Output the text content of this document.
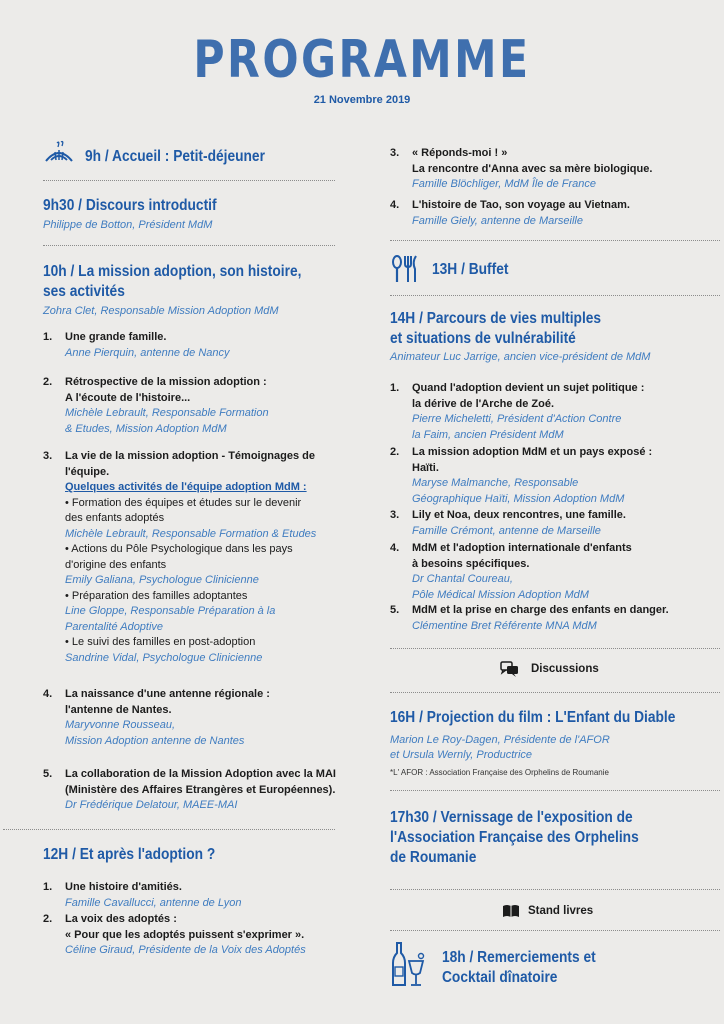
PROGRAMME
21 Novembre 2019
9h / Accueil : Petit-déjeuner
9h30 / Discours introductif
Philippe de Botton, Président MdM
10h / La mission adoption, son histoire,
ses activités
Zohra Clet, Responsable Mission Adoption MdM
1. Une grande famille.
Anne Pierquin, antenne de Nancy
2. Rétrospective de la mission adoption :
A l'écoute de l'histoire...
Michèle Lebrault, Responsable Formation
& Etudes, Mission Adoption MdM
3. La vie de la mission adoption - Témoignages de
l'équipe.
Quelques activités de l'équipe adoption MdM :
• Formation des équipes et études sur le devenir
des enfants adoptés
Michèle Lebrault, Responsable Formation & Etudes
• Actions du Pôle Psychologique dans les pays
d'origine des enfants
Emily Galiana, Psychologue Clinicienne
• Préparation des familles adoptantes
Line Gloppe, Responsable Préparation à la
Parentalité Adoptive
• Le suivi des familles en post-adoption
Sandrine Vidal, Psychologue Clinicienne
4. La naissance d'une antenne régionale :
l'antenne de Nantes.
Maryvonne Rousseau,
Mission Adoption antenne de Nantes
5. La collaboration de la Mission Adoption avec la MAI
(Ministère des Affaires Etrangères et Européennes).
Dr Frédérique Delatour, MAEE-MAI
12H / Et après l'adoption ?
1. Une histoire d'amitiés.
Famille Cavallucci, antenne de Lyon
2. La voix des adoptés :
« Pour que les adoptés puissent s'exprimer ».
Céline Giraud, Présidente de la Voix des Adoptés
3. « Réponds-moi ! »
La rencontre d'Anna avec sa mère biologique.
Famille Blöchliger, MdM Île de France
4. L'histoire de Tao, son voyage au Vietnam.
Famille Giely, antenne de Marseille
13H / Buffet
14H / Parcours de vies multiples
et situations de vulnérabilité
Animateur Luc Jarrige, ancien vice-président de MdM
1. Quand l'adoption devient un sujet politique :
la dérive de l'Arche de Zoé.
Pierre Micheletti, Président d'Action Contre
la Faim, ancien Président MdM
2. La mission adoption MdM et un pays exposé :
Haïti.
Maryse Malmanche, Responsable
Géographique Haïti, Mission Adoption MdM
3. Lily et Noa, deux rencontres, une famille.
Famille Crémont, antenne de Marseille
4. MdM et l'adoption internationale d'enfants
à besoins spécifiques.
Dr Chantal Coureau,
Pôle Médical Mission Adoption MdM
5. MdM et la prise en charge des enfants en danger.
Clémentine Bret Référente MNA MdM
Discussions
16H / Projection du film : L'Enfant du Diable
Marion Le Roy-Dagen, Présidente de l'AFOR
et Ursula Wernly, Productrice
*L' AFOR : Association Française des Orphelins de Roumanie
17h30 / Vernissage de l'exposition de
l'Association Française des Orphelins
de Roumanie
Stand livres
18h / Remerciements et
Cocktail dînatoire
